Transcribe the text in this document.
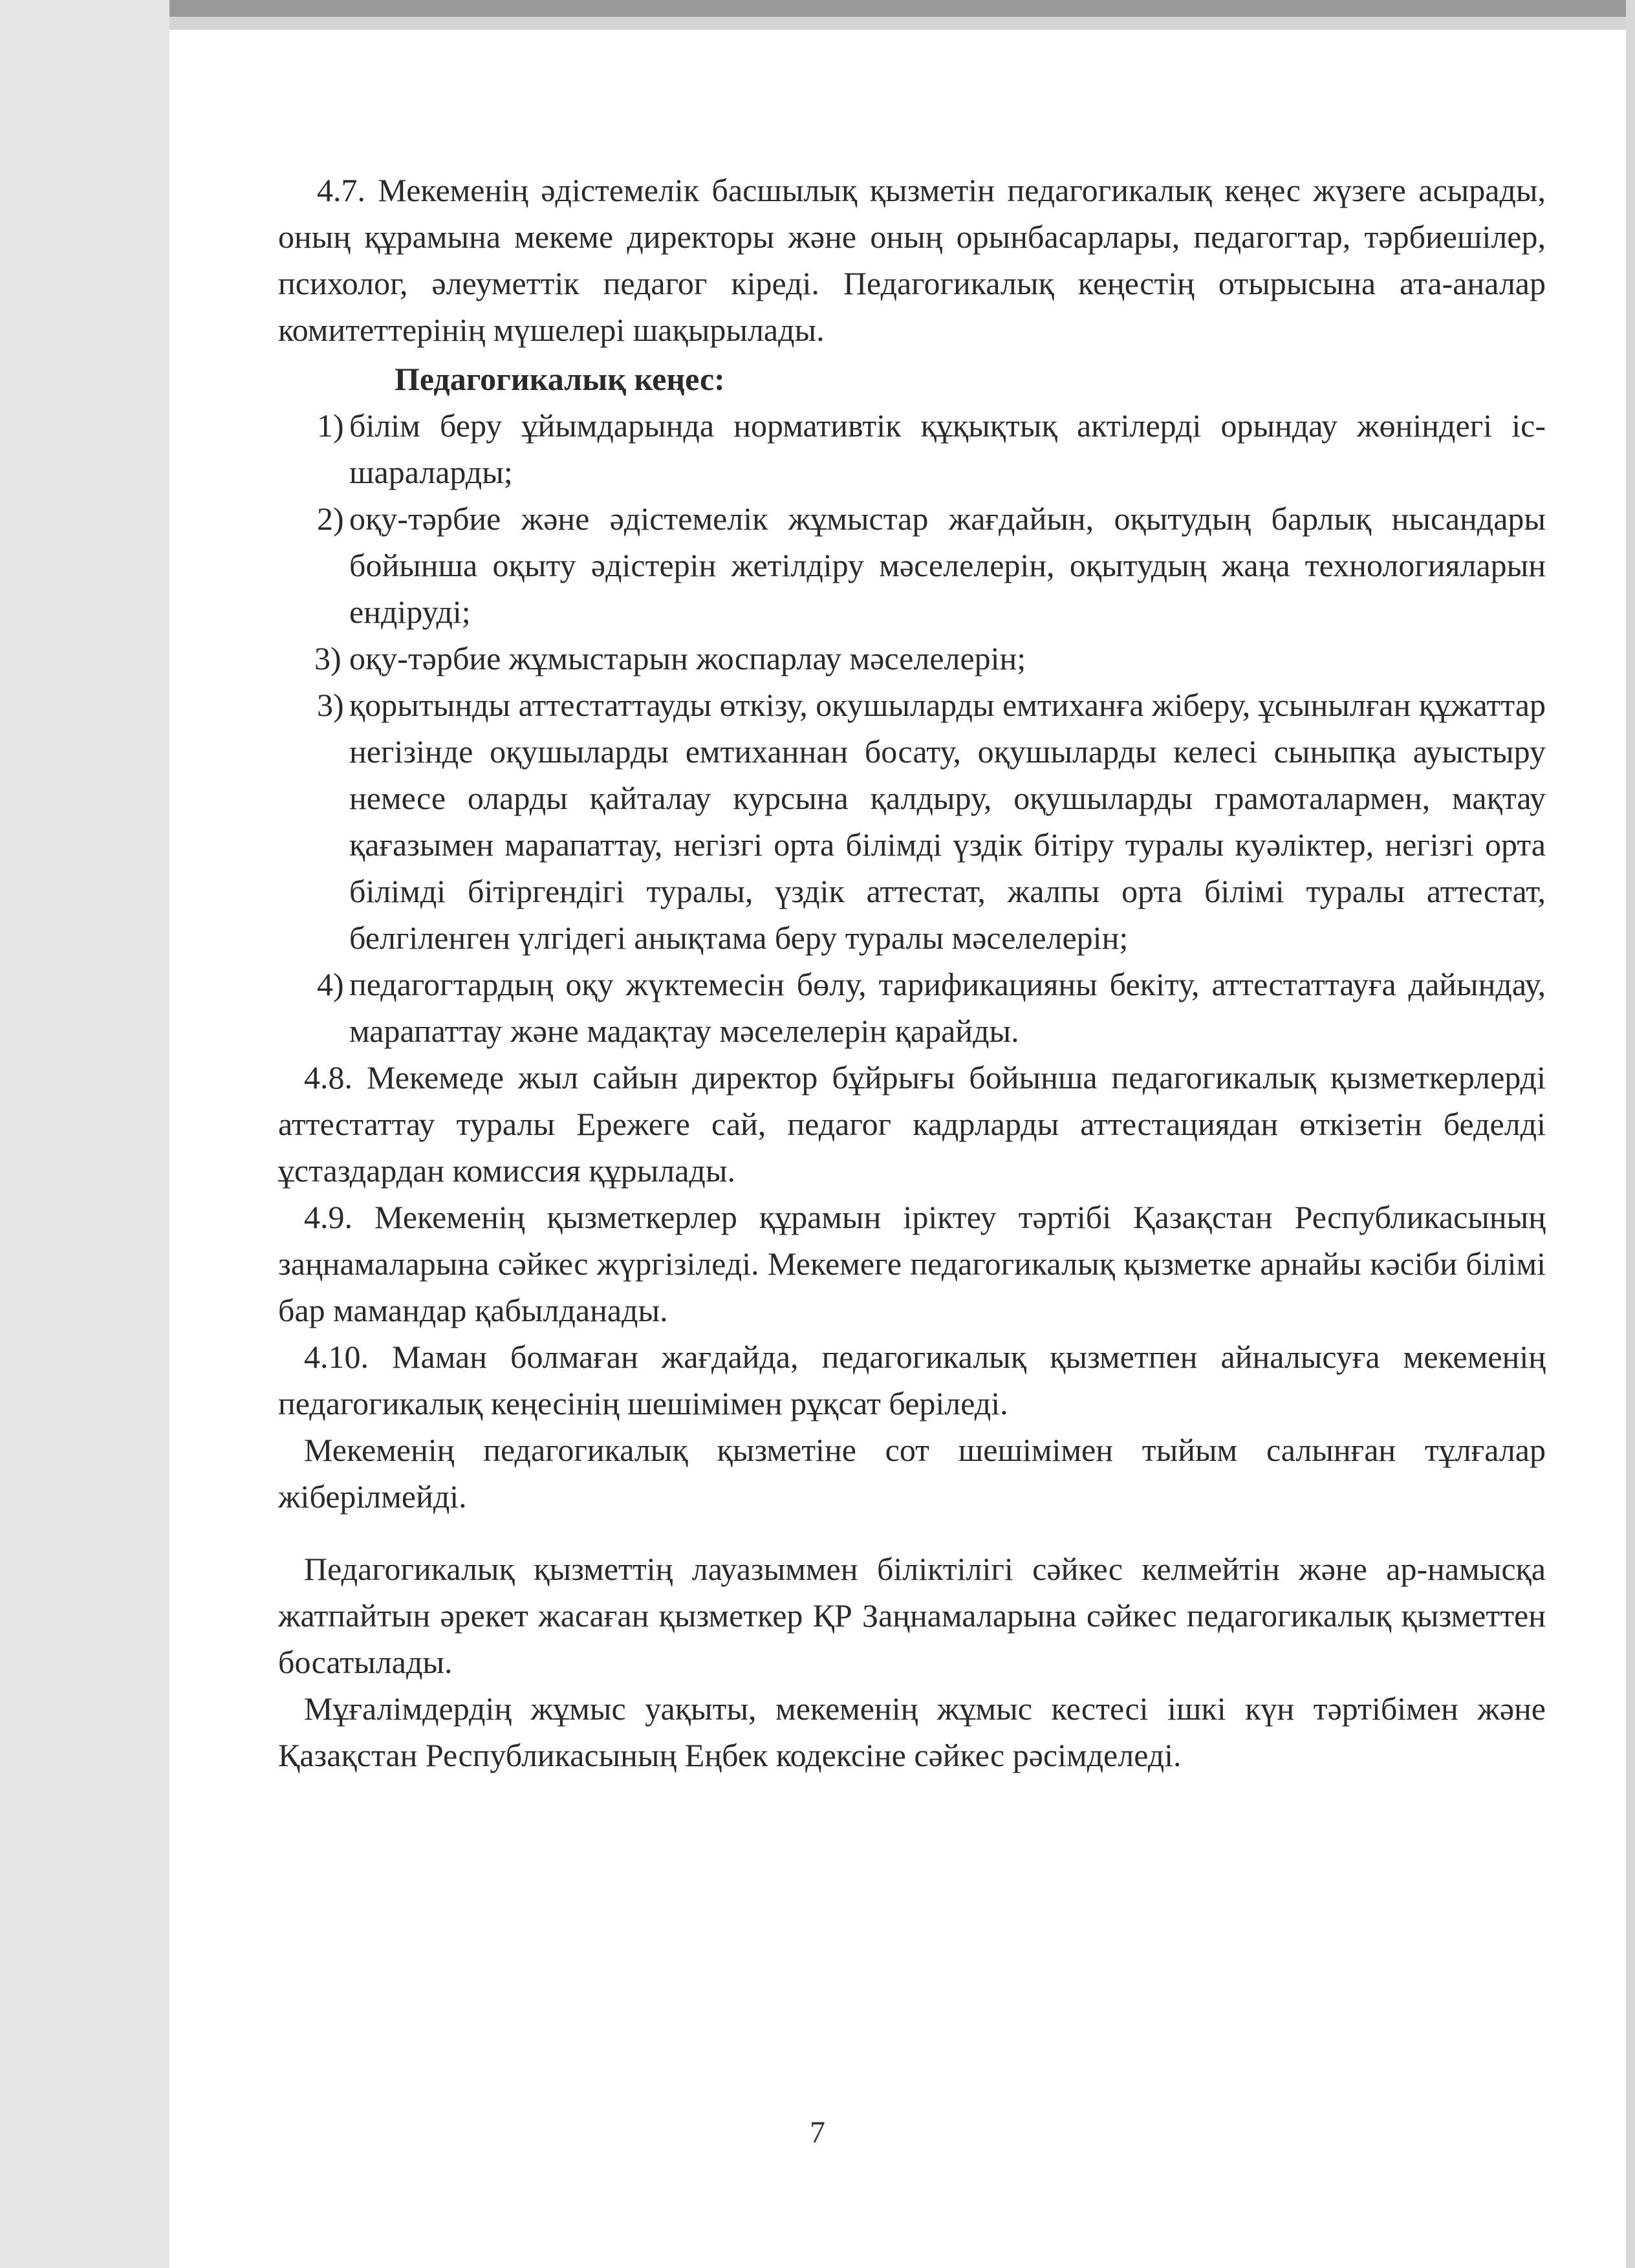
4.7. Мекеменің әдістемелік басшылық қызметін педагогикалық кеңес жүзеге асырады, оның құрамына мекеме директоры және оның орынбасарлары, педагогтар, тәрбиешілер, психолог, әлеуметтік педагог кіреді. Педагогикалық кеңестің отырысына ата-аналар комитеттерінің мүшелері шақырылады.

Педагогикалық кеңес:

1) білім беру ұйымдарында нормативтік құқықтық актілерді орындау жөніндегі іс-шараларды;
2) оқу-тәрбие және әдістемелік жұмыстар жағдайын, оқытудың барлық нысандары бойынша оқыту әдістерін жетілдіру мәселелерін, оқытудың жаңа технологияларын ендіруді;
3) оқу-тәрбие жұмыстарын жоспарлау мәселелерін;
3) қорытынды аттестаттауды өткізу, окушыларды емтиханға жіберу, ұсынылған құжаттар негізінде оқушыларды емтиханнан босату, оқушыларды келесі сыныпқа ауыстыру немесе оларды қайталау курсына қалдыру, оқушыларды грамоталармен, мақтау қағазымен марапаттау, негізгі орта білімді үздік бітіру туралы куәліктер, негізгі орта білімді бітіргендігі туралы, үздік аттестат, жалпы орта білімі туралы аттестат, белгіленген үлгідегі анықтама беру туралы мәселелерін;
4) педагогтардың оқу жүктемесін бөлу, тарификацияны бекіту, аттестаттауға дайындау, марапаттау және мадақтау мәселелерін қарайды.

4.8. Мекемеде жыл сайын директор бұйрығы бойынша педагогикалық қызметкерлерді аттестаттау туралы Ережеге сай, педагог кадрларды аттестациядан өткізетін беделді ұстаздардан комиссия құрылады.

4.9. Мекеменің қызметкерлер құрамын іріктеу тәртібі Қазақстан Республикасының заңнамаларына сәйкес жүргізіледі. Мекемеге педагогикалық қызметке арнайы кәсіби білімі бар мамандар қабылданады.

4.10. Маман болмаған жағдайда, педагогикалық қызметпен айналысуға мекеменің педагогикалық кеңесінің шешімімен рұқсат беріледі.

Мекеменің педагогикалық қызметіне сот шешімімен тыйым салынған тұлғалар жіберілмейді.

Педагогикалық қызметтің лауазыммен біліктілігі сәйкес келмейтін және ар-намысқа жатпайтын әрекет жасаған қызметкер ҚР Заңнамаларына сәйкес педагогикалық қызметтен босатылады.

Мұғалімдердің жұмыс уақыты, мекеменің жұмыс кестесі ішкі күн тәртібімен және Қазақстан Республикасының Еңбек кодексіне сәйкес рәсімделеді.

7
